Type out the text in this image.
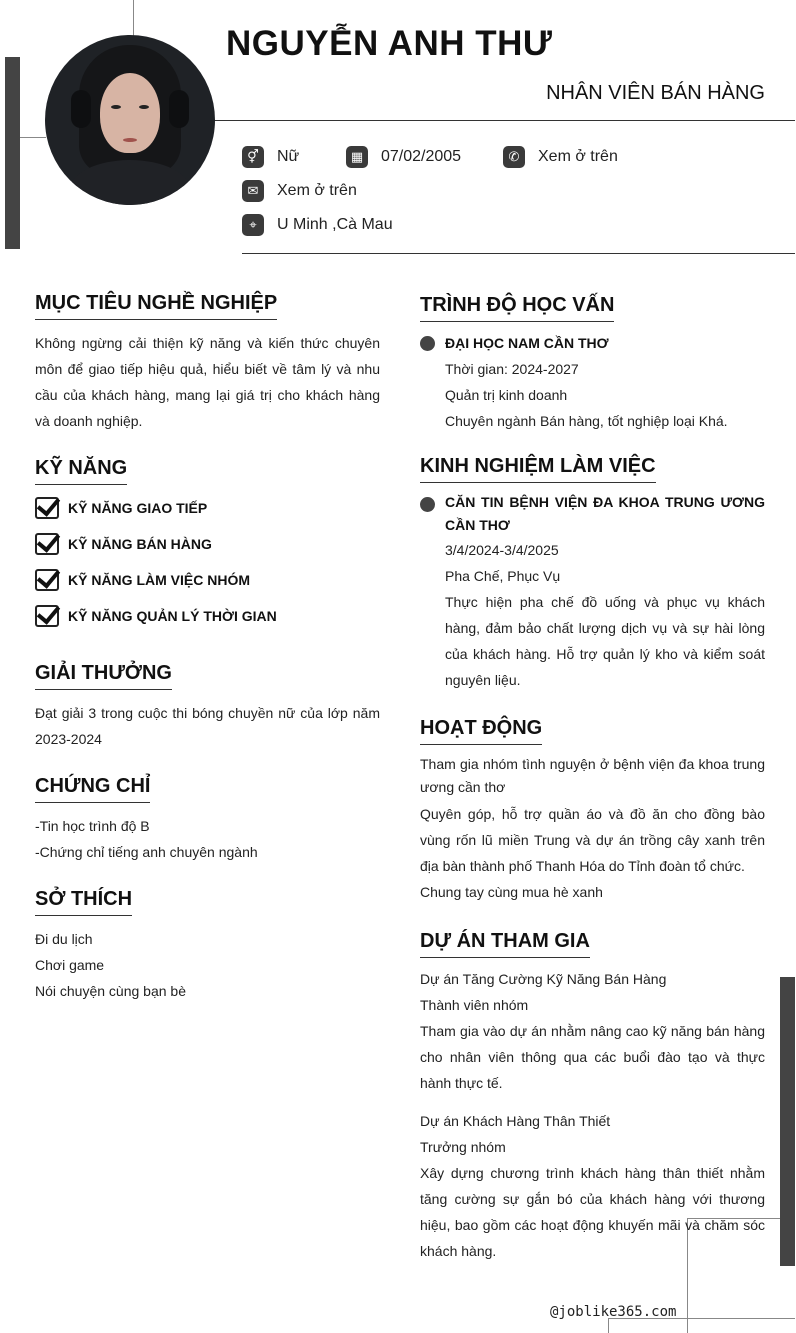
NGUYỄN ANH THƯ
NHÂN VIÊN BÁN HÀNG
⚥	Nữ	▦	07/02/2005	✆	Xem ở trên
✉	Xem ở trên
⌖	U Minh ,Cà Mau
MỤC TIÊU NGHỀ NGHIỆP
Không ngừng cải thiện kỹ năng và kiến thức chuyên môn để giao tiếp hiệu quả, hiểu biết về tâm lý và nhu cầu của khách hàng, mang lại giá trị cho khách hàng và doanh nghiệp.
KỸ NĂNG
KỸ NĂNG GIAO TIẾP
KỸ NĂNG BÁN HÀNG
KỸ NĂNG LÀM VIỆC NHÓM
KỸ NĂNG QUẢN LÝ THỜI GIAN
GIẢI THƯỞNG
Đạt giải 3 trong cuộc thi bóng chuyền nữ của lớp năm 2023-2024
CHỨNG CHỈ
-Tin học trình độ B
-Chứng chỉ tiếng anh chuyên ngành
SỞ THÍCH
Đi du lịch
Chơi game
Nói chuyện cùng bạn bè
TRÌNH ĐỘ HỌC VẤN
ĐẠI HỌC NAM CẦN THƠ
Thời gian: 2024-2027
Quản trị kinh doanh
Chuyên ngành Bán hàng, tốt nghiệp loại Khá.
KINH NGHIỆM LÀM VIỆC
CĂN TIN BỆNH VIỆN ĐA KHOA TRUNG ƯƠNG CẦN THƠ
3/4/2024-3/4/2025
Pha Chế, Phục Vụ
Thực hiện pha chế đồ uống và phục vụ khách hàng, đảm bảo chất lượng dịch vụ và sự hài lòng của khách hàng. Hỗ trợ quản lý kho và kiểm soát nguyên liệu.
HOẠT ĐỘNG
Tham gia nhóm tình nguyện ở bệnh viện đa khoa trung ương cần thơ
Quyên góp, hỗ trợ quần áo và đồ ăn cho đồng bào vùng rốn lũ miền Trung và dự án trồng cây xanh trên địa bàn thành phố Thanh Hóa do Tỉnh đoàn tổ chức.
Chung tay cùng mua hè xanh
DỰ ÁN THAM GIA
Dự án Tăng Cường Kỹ Năng Bán Hàng
Thành viên nhóm
Tham gia vào dự án nhằm nâng cao kỹ năng bán hàng cho nhân viên thông qua các buổi đào tạo và thực hành thực tế.
Dự án Khách Hàng Thân Thiết
Trưởng nhóm
Xây dựng chương trình khách hàng thân thiết nhằm tăng cường sự gắn bó của khách hàng với thương hiệu, bao gồm các hoạt động khuyến mãi và chăm sóc khách hàng.
@joblike365.com
